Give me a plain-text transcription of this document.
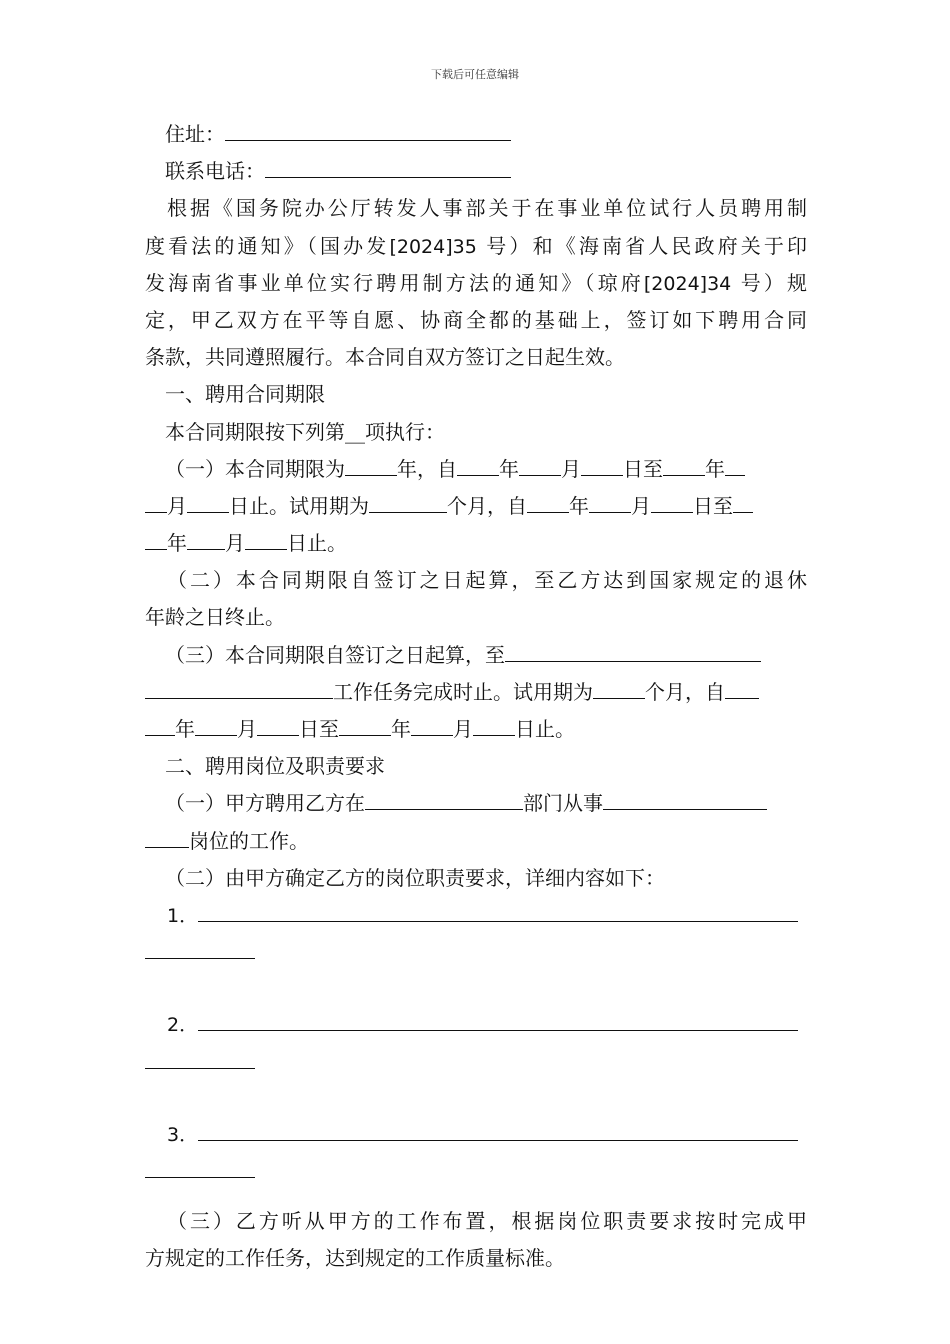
下载后可任意编辑
住址：
联系电话：
根据《国务院办公厅转发人事部关于在事业单位试行人员聘用制
度看法的通知》（国办发[2024]35 号）和《海南省人民政府关于印
发海南省事业单位实行聘用制方法的通知》（琼府[2024]34 号）规
定，甲乙双方在平等自愿、协商全都的基础上，签订如下聘用合同
条款，共同遵照履行。本合同自双方签订之日起生效。
一、聘用合同期限
本合同期限按下列第__项执行：
（一）本合同期限为	年，自 年 月 日至 年
月 日止。试用期为	个月，自 年 月 日至
年 月 日止。
（二）本合同期限自签订之日起算，至乙方达到国家规定的退休
年龄之日终止。
（三）本合同期限自签订之日起算，至
工作任务完成时止。试用期为	个月，自
年 月 日至	年 月 日止。
二、聘用岗位及职责要求
（一）甲方聘用乙方在	部门从事
岗位的工作。
（二）由甲方确定乙方的岗位职责要求，详细内容如下：
1．
2．
3．
（三）乙方听从甲方的工作布置，根据岗位职责要求按时完成甲
方规定的工作任务，达到规定的工作质量标准。
